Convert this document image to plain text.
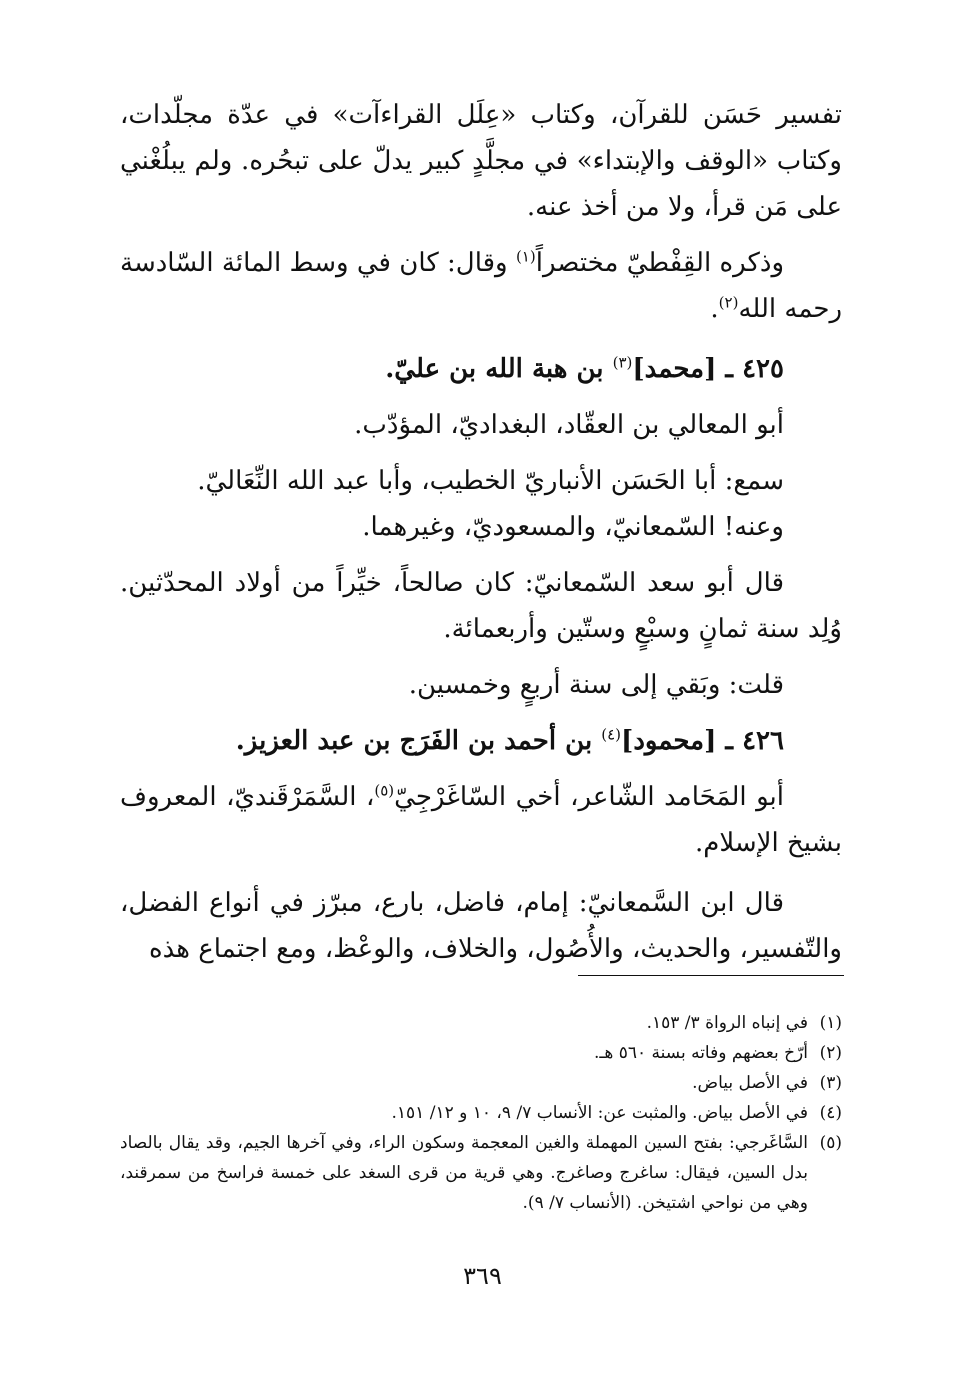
تفسير حَسَن للقرآن، وكتاب «عِلَل القراءآت» في عدّة مجلّدات، وكتاب «الوقف والإبتداء» في مجلَّدٍ كبير يدلّ على تبحُره. ولم يبلُغْني على مَن قرأ، ولا من أخذ عنه.

وذكره القِفْطيّ مختصراً$^{(١)}$ وقال: كان في وسط المائة السّادسة رحمه الله$^{(٢)}$.

٤٢٥ ـ [محمد]$^{(٣)}$ بن هبة الله بن عليّ.

أبو المعالي بن العقّاد، البغداديّ، المؤدّب.

سمع: أبا الحَسَن الأنباريّ الخطيب، وأبا عبد الله النِّعَاليّ.

وعنه! السّمعانيّ، والمسعوديّ، وغيرهما.

قال أبو سعد السّمعانيّ: كان صالحاً، خيِّراً من أولاد المحدّثين. وُلِد سنة ثمانٍ وسبْعٍ وستّين وأربعمائة.

قلت: وبَقي إلى سنة أربعٍ وخمسين.

٤٢٦ ـ [محمود]$^{(٤)}$ بن أحمد بن الفَرَج بن عبد العزيز.

أبو المَحَامد الشّاعر، أخي السّاغَرْجِيّ$^{(٥)}$، السَّمَرْقَنديّ، المعروف بشيخ الإسلام.

قال ابن السَّمعانيّ: إمام، فاضل، بارع، مبرّز في أنواع الفضل، والتّفسير، والحديث، والأُصُول، والخلاف، والوعْظ، ومع اجتماع هذه

(١)
في إنباه الرواة ٣/ ١٥٣.
(٢)
أرّخ بعضهم وفاته بسنة ٥٦٠ هـ.
(٣)
في الأصل بياض.
(٤)
في الأصل بياض. والمثبت عن: الأنساب ٧/ ٩، ١٠ و ١٢/ ١٥١.
(٥)
السَّاغَرجي: بفتح السين المهملة والغين المعجمة وسكون الراء، وفي آخرها الجيم، وقد يقال بالصاد بدل السين، فيقال: ساغرج وصاغرج. وهي قرية من قرى السغد على خمسة فراسخ من سمرقند، وهي من نواحي اشتيخن. (الأنساب ٧/ ٩).
٣٦٩
